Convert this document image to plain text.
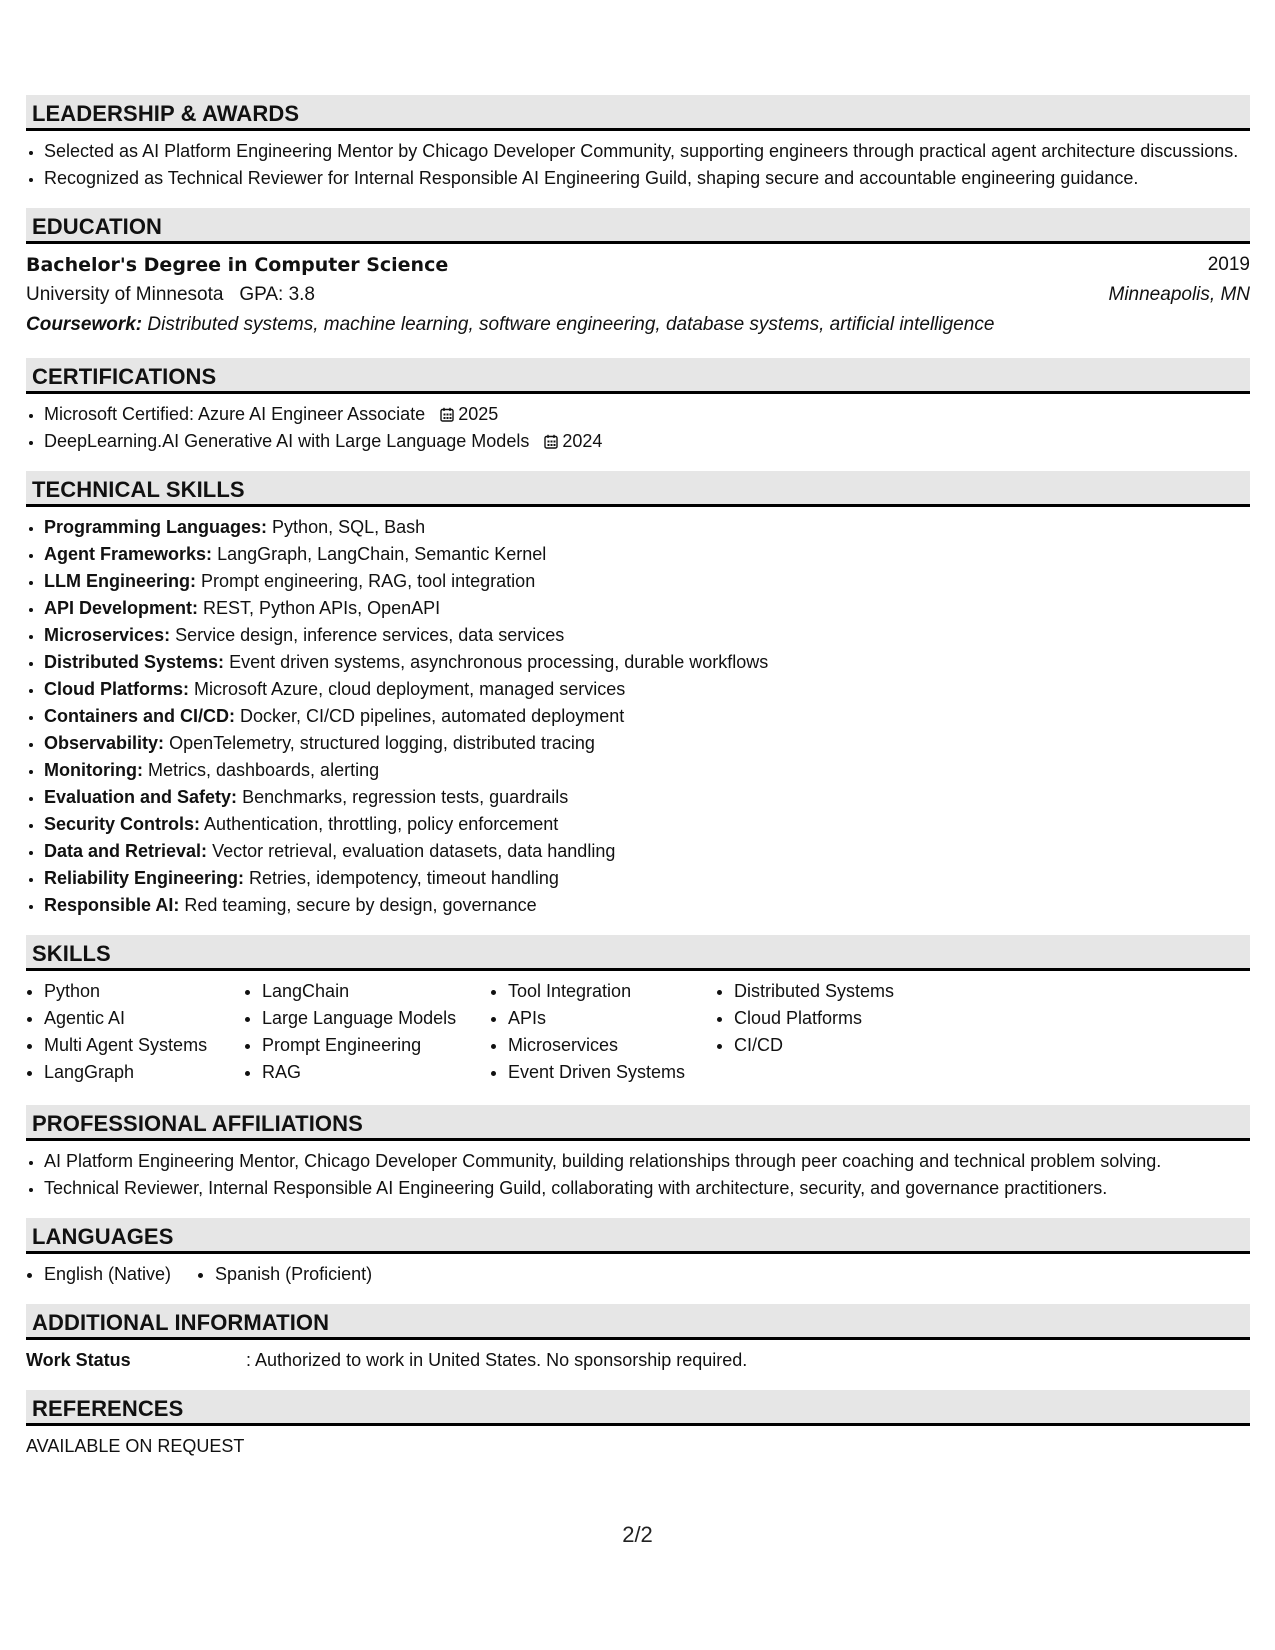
LEADERSHIP & AWARDS
• Selected as AI Platform Engineering Mentor by Chicago Developer Community, supporting engineers through practical agent architecture discussions.
• Recognized as Technical Reviewer for Internal Responsible AI Engineering Guild, shaping secure and accountable engineering guidance.
EDUCATION
Bachelor's Degree in Computer Science	2019
University of Minnesota GPA: 3.8	Minneapolis, MN
Coursework: Distributed systems, machine learning, software engineering, database systems, artificial intelligence
CERTIFICATIONS
• Microsoft Certified: Azure AI Engineer Associate 2025
• DeepLearning.AI Generative AI with Large Language Models 2024
TECHNICAL SKILLS
• Programming Languages: Python, SQL, Bash
• Agent Frameworks: LangGraph, LangChain, Semantic Kernel
• LLM Engineering: Prompt engineering, RAG, tool integration
• API Development: REST, Python APIs, OpenAPI
• Microservices: Service design, inference services, data services
• Distributed Systems: Event driven systems, asynchronous processing, durable workflows
• Cloud Platforms: Microsoft Azure, cloud deployment, managed services
• Containers and CI/CD: Docker, CI/CD pipelines, automated deployment
• Observability: OpenTelemetry, structured logging, distributed tracing
• Monitoring: Metrics, dashboards, alerting
• Evaluation and Safety: Benchmarks, regression tests, guardrails
• Security Controls: Authentication, throttling, policy enforcement
• Data and Retrieval: Vector retrieval, evaluation datasets, data handling
• Reliability Engineering: Retries, idempotency, timeout handling
• Responsible AI: Red teaming, secure by design, governance
SKILLS
• Python
• Agentic AI
• Multi Agent Systems
• LangGraph
• LangChain
• Large Language Models
• Prompt Engineering
• RAG
• Tool Integration
• APIs
• Microservices
• Event Driven Systems
• Distributed Systems
• Cloud Platforms
• CI/CD
PROFESSIONAL AFFILIATIONS
• AI Platform Engineering Mentor, Chicago Developer Community, building relationships through peer coaching and technical problem solving.
• Technical Reviewer, Internal Responsible AI Engineering Guild, collaborating with architecture, security, and governance practitioners.
LANGUAGES
• English (Native)
• Spanish (Proficient)
ADDITIONAL INFORMATION
Work Status	: Authorized to work in United States. No sponsorship required.
REFERENCES
AVAILABLE ON REQUEST
2/2
